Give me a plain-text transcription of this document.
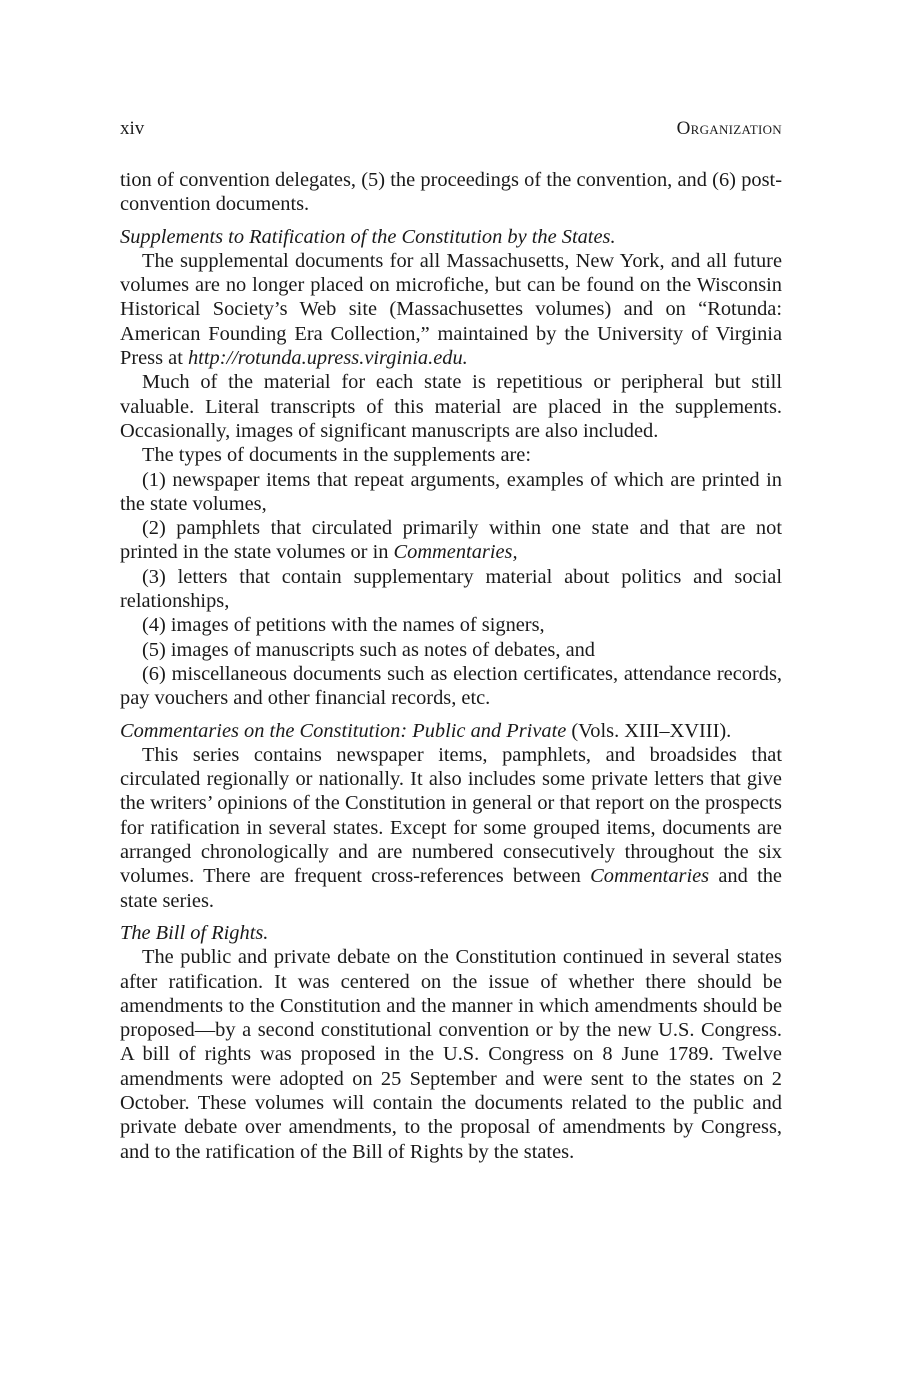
xiv	Organization

tion of convention delegates, (5) the proceedings of the convention, and (6) post-convention documents.

Supplements to Ratification of the Constitution by the States.

The supplemental documents for all Massachusetts, New York, and all future volumes are no longer placed on microfiche, but can be found on the Wisconsin Historical Society’s Web site (Massachusettes volumes) and on “Rotunda: American Founding Era Collection,” maintained by the University of Virginia Press at http://rotunda.upress.virginia.edu.

Much of the material for each state is repetitious or peripheral but still valuable. Literal transcripts of this material are placed in the supplements. Occasionally, images of significant manuscripts are also included.

The types of documents in the supplements are:

(1) newspaper items that repeat arguments, examples of which are printed in the state volumes,

(2) pamphlets that circulated primarily within one state and that are not printed in the state volumes or in Commentaries,

(3) letters that contain supplementary material about politics and social relationships,

(4) images of petitions with the names of signers,

(5) images of manuscripts such as notes of debates, and

(6) miscellaneous documents such as election certificates, attendance records, pay vouchers and other financial records, etc.

Commentaries on the Constitution: Public and Private (Vols. XIII–XVIII).

This series contains newspaper items, pamphlets, and broadsides that circulated regionally or nationally. It also includes some private letters that give the writers’ opinions of the Constitution in general or that report on the prospects for ratification in several states. Except for some grouped items, documents are arranged chronologically and are numbered consecutively throughout the six volumes. There are frequent cross-references between Commentaries and the state series.

The Bill of Rights.

The public and private debate on the Constitution continued in several states after ratification. It was centered on the issue of whether there should be amendments to the Constitution and the manner in which amendments should be proposed—by a second constitutional convention or by the new U.S. Congress. A bill of rights was proposed in the U.S. Congress on 8 June 1789. Twelve amendments were adopted on 25 September and were sent to the states on 2 October. These volumes will contain the documents related to the public and private debate over amendments, to the proposal of amendments by Congress, and to the ratification of the Bill of Rights by the states.
